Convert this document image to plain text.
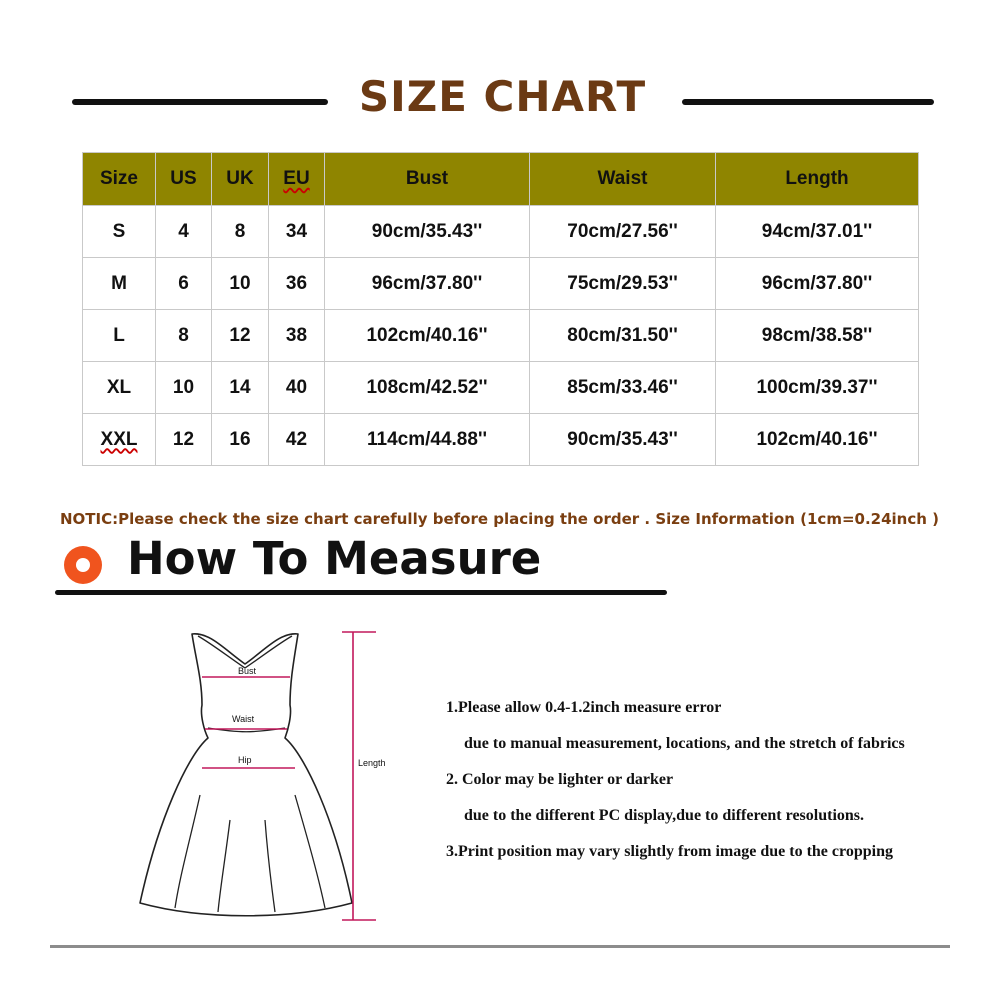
SIZE CHART
Size	US	UK	EU	Bust	Waist	Length
S	4	8	34	90cm/35.43''	70cm/27.56''	94cm/37.01''
M	6	10	36	96cm/37.80''	75cm/29.53''	96cm/37.80''
L	8	12	38	102cm/40.16''	80cm/31.50''	98cm/38.58''
XL	10	14	40	108cm/42.52''	85cm/33.46''	100cm/39.37''
XXL	12	16	42	114cm/44.88''	90cm/35.43''	102cm/40.16''
NOTIC:Please check the size chart carefully before placing the order . Size Information (1cm=0.24inch )
How To Measure
Bust
Waist
Hip	Length
1.Please allow 0.4-1.2inch measure error
due to manual measurement, locations, and the stretch of fabrics
2. Color may be lighter or darker
due to the different PC display,due to different resolutions.
3.Print position may vary slightly from image due to the cropping
